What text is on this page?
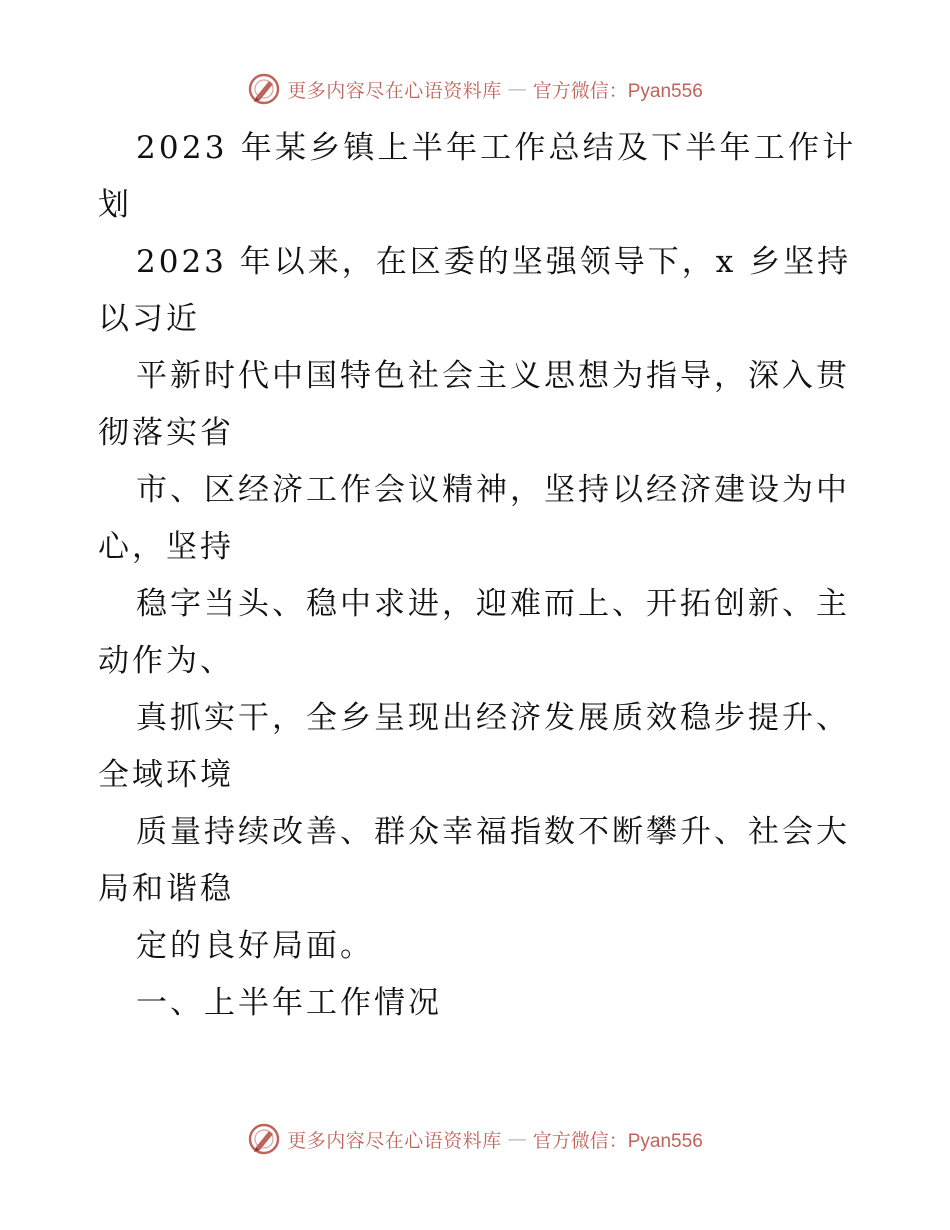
更多内容尽在心语资料库 — 官方微信：Pyan556
2023 年某乡镇上半年工作总结及下半年工作计
划
2023 年以来，在区委的坚强领导下，x 乡坚持
以习近
平新时代中国特色社会主义思想为指导，深入贯
彻落实省
市、区经济工作会议精神，坚持以经济建设为中
心，坚持
稳字当头、稳中求进，迎难而上、开拓创新、主
动作为、
真抓实干，全乡呈现出经济发展质效稳步提升、
全域环境
质量持续改善、群众幸福指数不断攀升、社会大
局和谐稳
定的良好局面。
一、上半年工作情况
更多内容尽在心语资料库 — 官方微信：Pyan556
